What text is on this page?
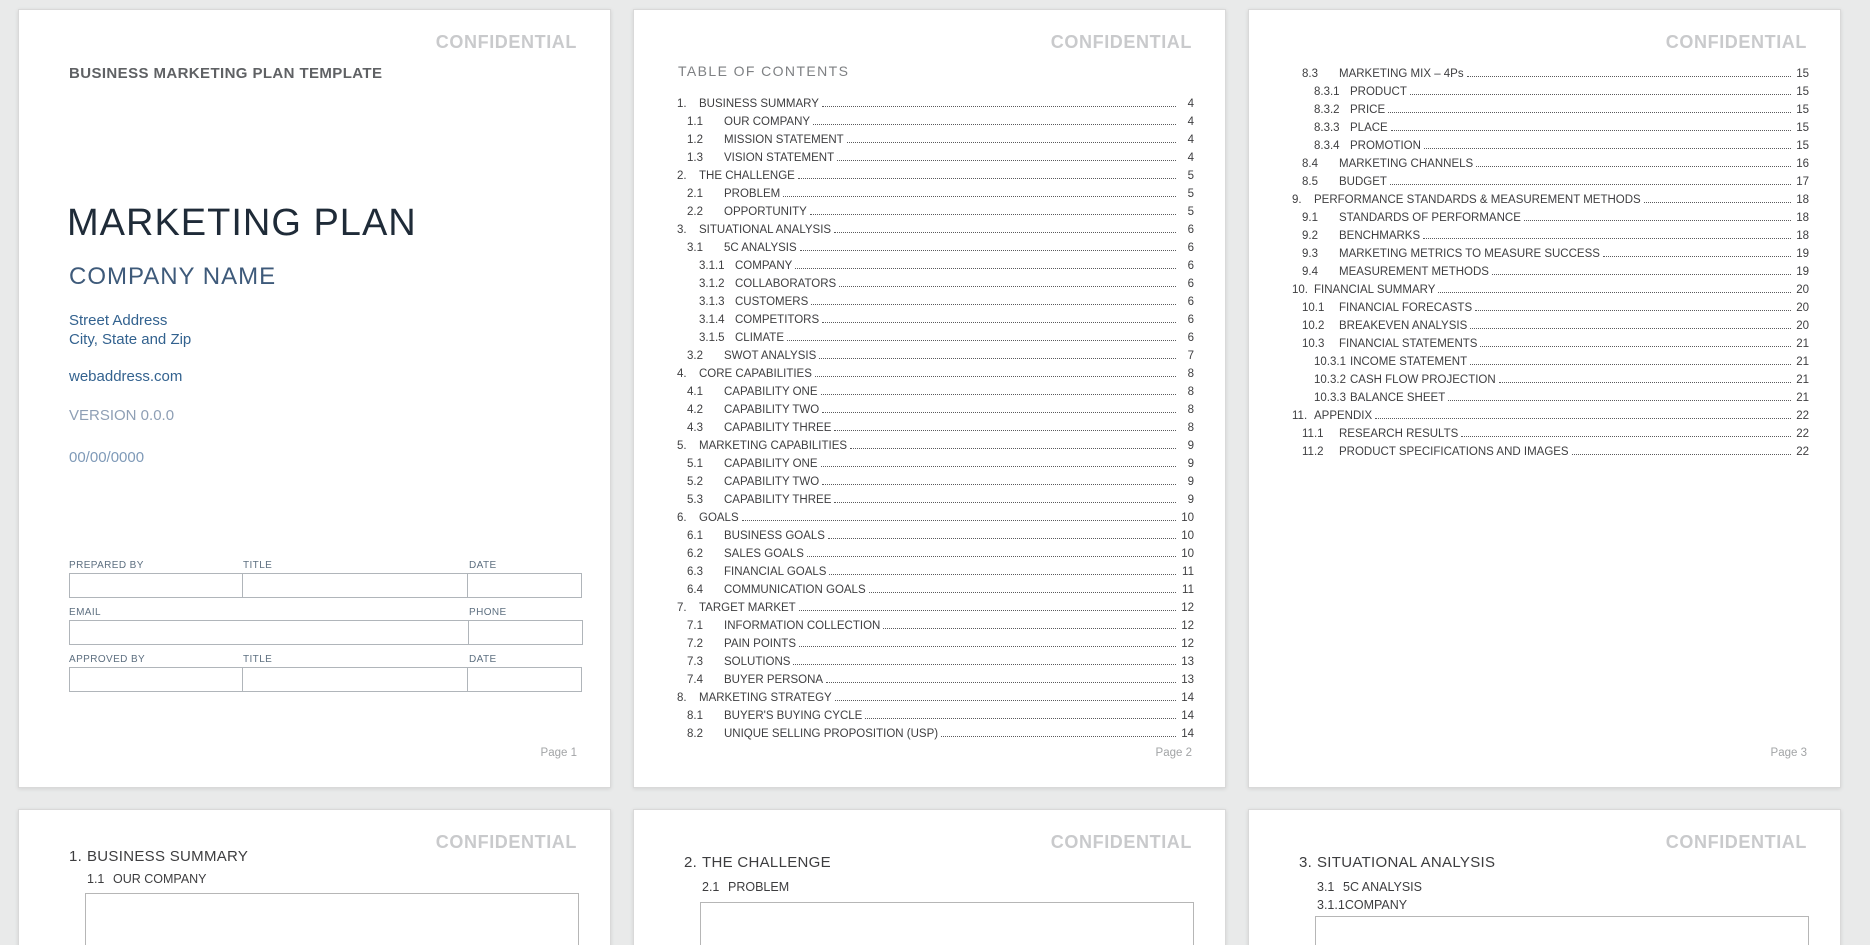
CONFIDENTIAL
BUSINESS MARKETING PLAN TEMPLATE
MARKETING PLAN
COMPANY NAME
Street Address
City, State and Zip
webaddress.com
VERSION 0.0.0
00/00/0000
PREPARED BY	TITLE	DATE
EMAIL	PHONE
APPROVED BY	TITLE	DATE
Page 1
CONFIDENTIAL
TABLE OF CONTENTS
1.	BUSINESS SUMMARY	4
1.1	OUR COMPANY	4
1.2	MISSION STATEMENT	4
1.3	VISION STATEMENT	4
2.	THE CHALLENGE	5
2.1	PROBLEM	5
2.2	OPPORTUNITY	5
3.	SITUATIONAL ANALYSIS	6
3.1	5C ANALYSIS	6
3.1.1 COMPANY	6
3.1.2 COLLABORATORS	6
3.1.3 CUSTOMERS	6
3.1.4 COMPETITORS	6
3.1.5 CLIMATE	6
3.2	SWOT ANALYSIS	7
4.	CORE CAPABILITIES	8
4.1	CAPABILITY ONE	8
4.2	CAPABILITY TWO	8
4.3	CAPABILITY THREE	8
5.	MARKETING CAPABILITIES	9
5.1	CAPABILITY ONE	9
5.2	CAPABILITY TWO	9
5.3	CAPABILITY THREE	9
6.	GOALS	10
6.1	BUSINESS GOALS	10
6.2	SALES GOALS	10
6.3	FINANCIAL GOALS	11
6.4	COMMUNICATION GOALS	11
7.	TARGET MARKET	12
7.1	INFORMATION COLLECTION	12
7.2	PAIN POINTS	12
7.3	SOLUTIONS	13
7.4	BUYER PERSONA	13
8.	MARKETING STRATEGY	14
8.1	BUYER'S BUYING CYCLE	14
8.2	UNIQUE SELLING PROPOSITION (USP)	14
Page 2
CONFIDENTIAL
8.3	MARKETING MIX – 4Ps	15
8.3.1 PRODUCT	15
8.3.2 PRICE	15
8.3.3 PLACE	15
8.3.4 PROMOTION	15
8.4	MARKETING CHANNELS	16
8.5	BUDGET	17
9.	PERFORMANCE STANDARDS & MEASUREMENT METHODS	18
9.1	STANDARDS OF PERFORMANCE	18
9.2	BENCHMARKS	18
9.3	MARKETING METRICS TO MEASURE SUCCESS	19
9.4	MEASUREMENT METHODS	19
10. FINANCIAL SUMMARY	20
10.1	FINANCIAL FORECASTS	20
10.2	BREAKEVEN ANALYSIS	20
10.3	FINANCIAL STATEMENTS	21
10.3.1 INCOME STATEMENT	21
10.3.2 CASH FLOW PROJECTION	21
10.3.3 BALANCE SHEET	21
11. APPENDIX	22
11.1	RESEARCH RESULTS	22
11.2	PRODUCT SPECIFICATIONS AND IMAGES	22
Page 3
CONFIDENTIAL
1. BUSINESS SUMMARY
1.1 OUR COMPANY
CONFIDENTIAL
2. THE CHALLENGE
2.1 PROBLEM
CONFIDENTIAL
3. SITUATIONAL ANALYSIS
3.1 5C ANALYSIS
3.1.1 COMPANY
